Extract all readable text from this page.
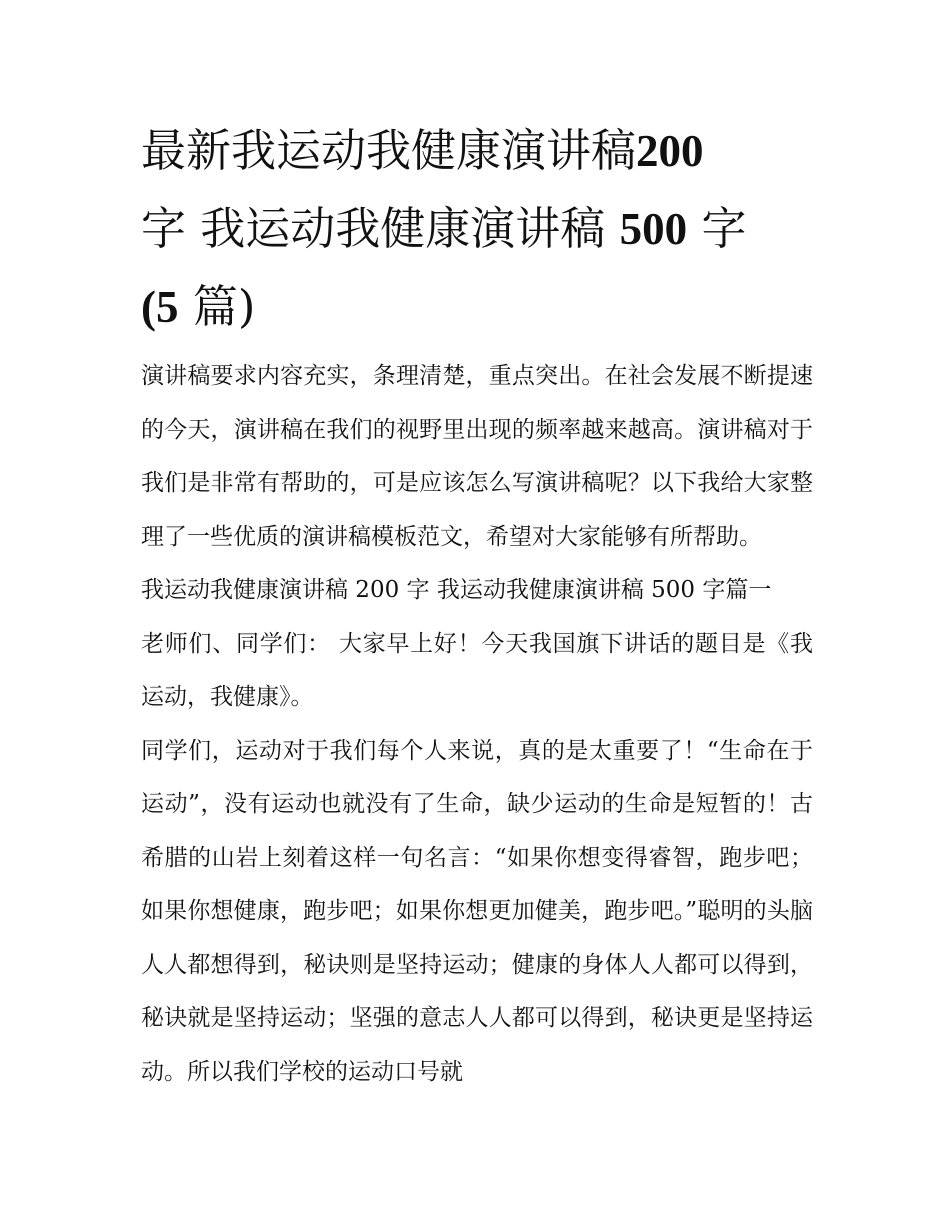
最新我运动我健康演讲稿200
字 我运动我健康演讲稿 500 字
(5 篇)

演讲稿要求内容充实，条理清楚，重点突出。在社会发展不断提速的今天，演讲稿在我们的视野里出现的频率越来越高。演讲稿对于我们是非常有帮助的，可是应该怎么写演讲稿呢？以下我给大家整理了一些优质的演讲稿模板范文，希望对大家能够有所帮助。

我运动我健康演讲稿 200 字 我运动我健康演讲稿 500 字篇一

老师们、同学们： 大家早上好！今天我国旗下讲话的题目是《我运动，我健康》。

同学们，运动对于我们每个人来说，真的是太重要了！“生命在于运动”，没有运动也就没有了生命，缺少运动的生命是短暂的！古希腊的山岩上刻着这样一句名言：“如果你想变得睿智，跑步吧；如果你想健康，跑步吧；如果你想更加健美，跑步吧。”聪明的头脑人人都想得到，秘诀则是坚持运动；健康的身体人人都可以得到，秘诀就是坚持运动；坚强的意志人人都可以得到，秘诀更是坚持运动。所以我们学校的运动口号就
